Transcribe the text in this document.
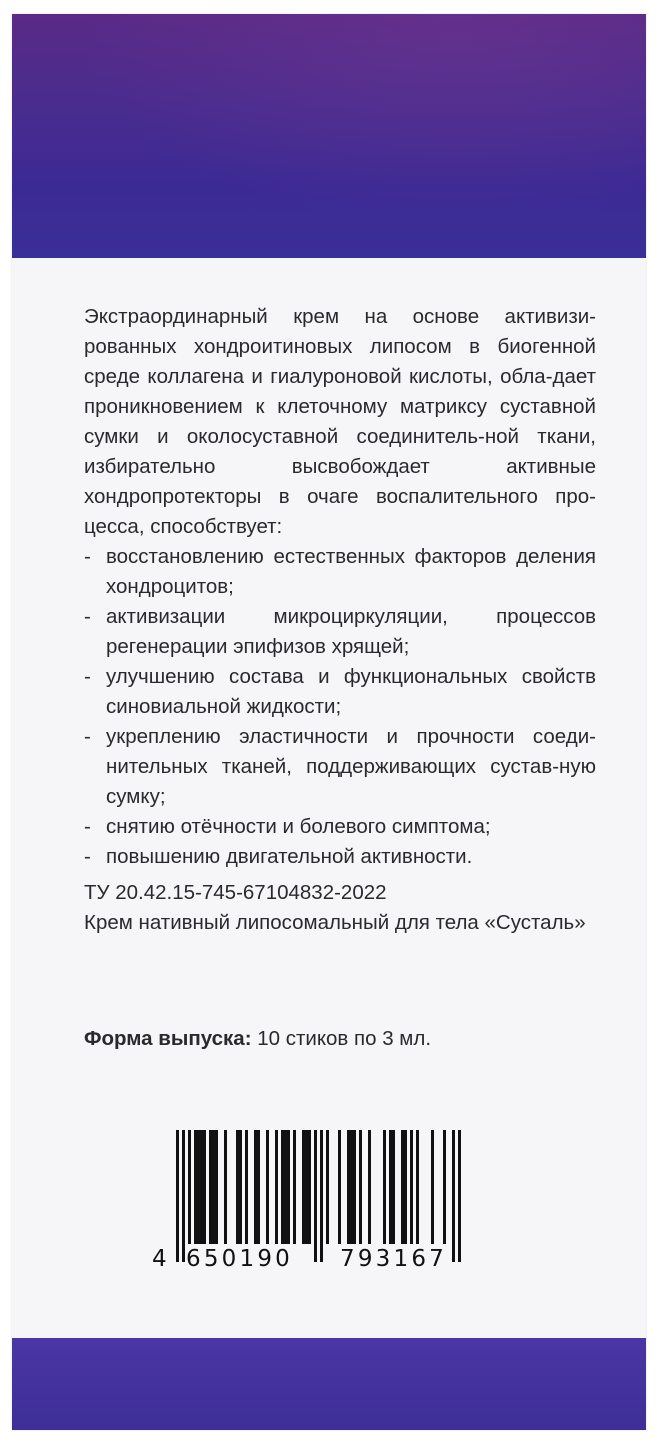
Экстраординарный крем на основе активизи-рованных хондроитиновых липосом в биогенной среде коллагена и гиалуроновой кислоты, обла-дает проникновением к клеточному матриксу суставной сумки и околосуставной соединитель-ной ткани, избирательно высвобождает активные хондропротекторы в очаге воспалительного про-цесса, способствует:

- восстановлению естественных факторов деления хондроцитов;
- активизации микроциркуляции, процессов регенерации эпифизов хрящей;
- улучшению состава и функциональных свойств синовиальной жидкости;
- укреплению эластичности и прочности соеди-нительных тканей, поддерживающих сустав-ную сумку;
- снятию отёчности и болевого симптома;
- повышению двигательной активности.

ТУ 20.42.15-745-67104832-2022

Крем нативный липосомальный для тела «Сусталь»

Форма выпуска: 10 стиков по 3 мл.

4 650190 793167
